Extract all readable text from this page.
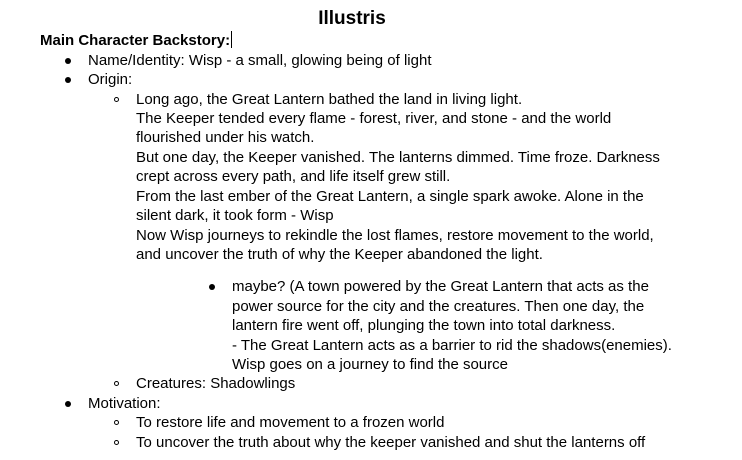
Illustris
Main Character Backstory:
Name/Identity: Wisp - a small, glowing being of light
Origin:
Long ago, the Great Lantern bathed the land in living light.
The Keeper tended every flame - forest, river, and stone - and the world
flourished under his watch.
But one day, the Keeper vanished. The lanterns dimmed. Time froze. Darkness
crept across every path, and life itself grew still.
From the last ember of the Great Lantern, a single spark awoke. Alone in the
silent dark, it took form - Wisp
Now Wisp journeys to rekindle the lost flames, restore movement to the world,
and uncover the truth of why the Keeper abandoned the light.
maybe? (A town powered by the Great Lantern that acts as the
power source for the city and the creatures. Then one day, the
lantern fire went off, plunging the town into total darkness.
- The Great Lantern acts as a barrier to rid the shadows(enemies).
Wisp goes on a journey to find the source
Creatures: Shadowlings
Motivation:
To restore life and movement to a frozen world
To uncover the truth about why the keeper vanished and shut the lanterns off
